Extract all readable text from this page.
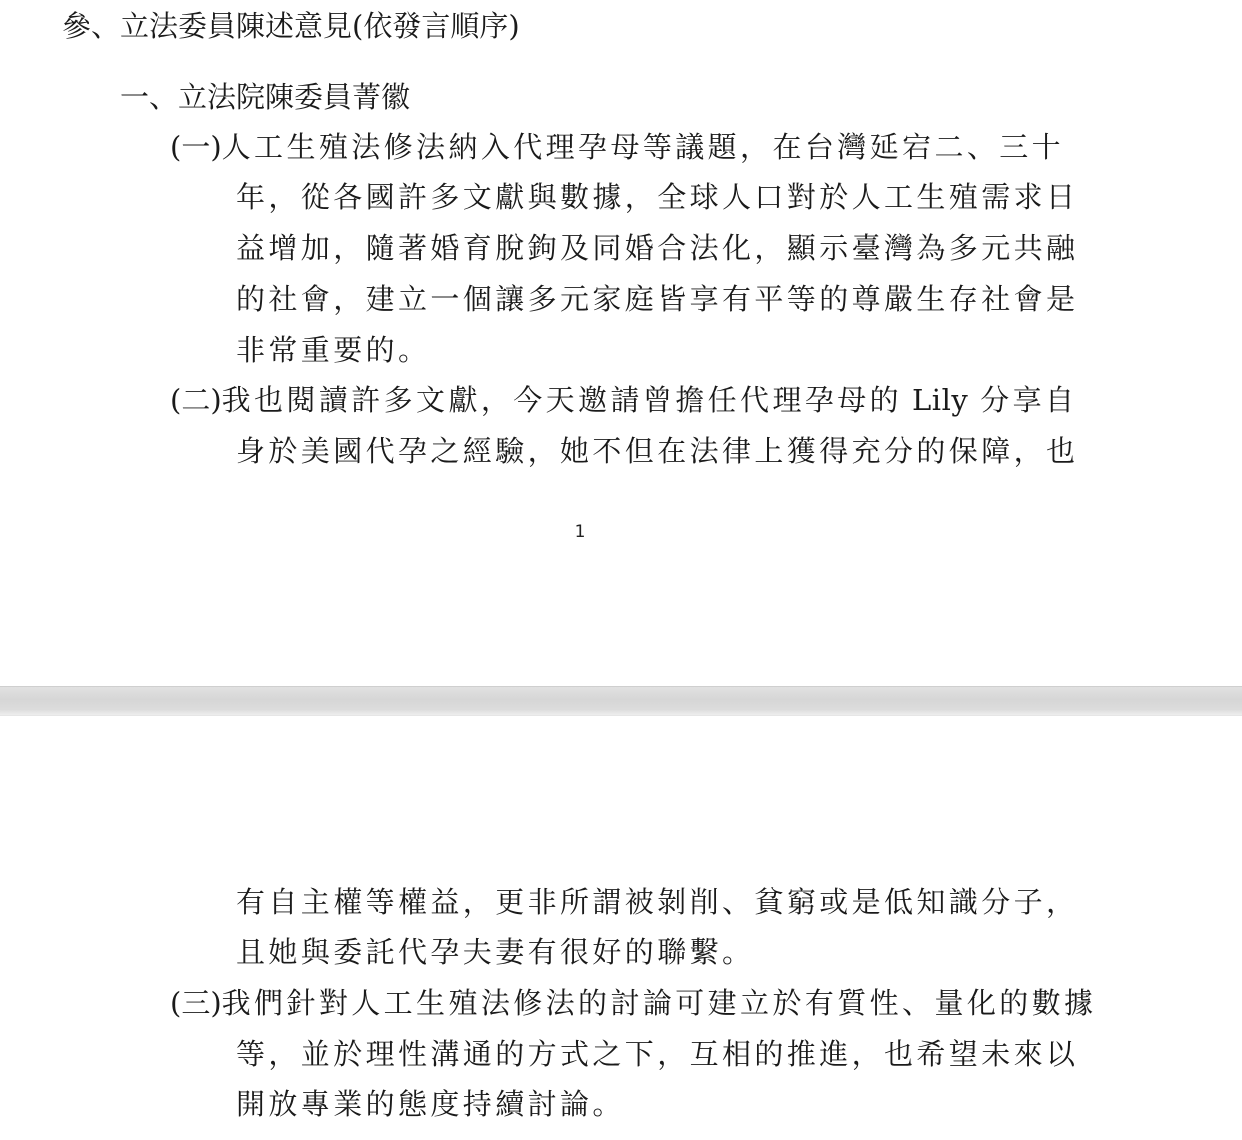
參、立法委員陳述意見(依發言順序)
一、立法院陳委員菁徽
(一)人工生殖法修法納入代理孕母等議題，在台灣延宕二、三十
年，從各國許多文獻與數據，全球人口對於人工生殖需求日
益增加，隨著婚育脫鉤及同婚合法化，顯示臺灣為多元共融
的社會，建立一個讓多元家庭皆享有平等的尊嚴生存社會是
非常重要的。
(二)我也閱讀許多文獻，今天邀請曾擔任代理孕母的 Lily 分享自
身於美國代孕之經驗，她不但在法律上獲得充分的保障，也
1
有自主權等權益，更非所謂被剝削、貧窮或是低知識分子，
且她與委託代孕夫妻有很好的聯繫。
(三)我們針對人工生殖法修法的討論可建立於有質性、量化的數據
等，並於理性溝通的方式之下，互相的推進，也希望未來以
開放專業的態度持續討論。
